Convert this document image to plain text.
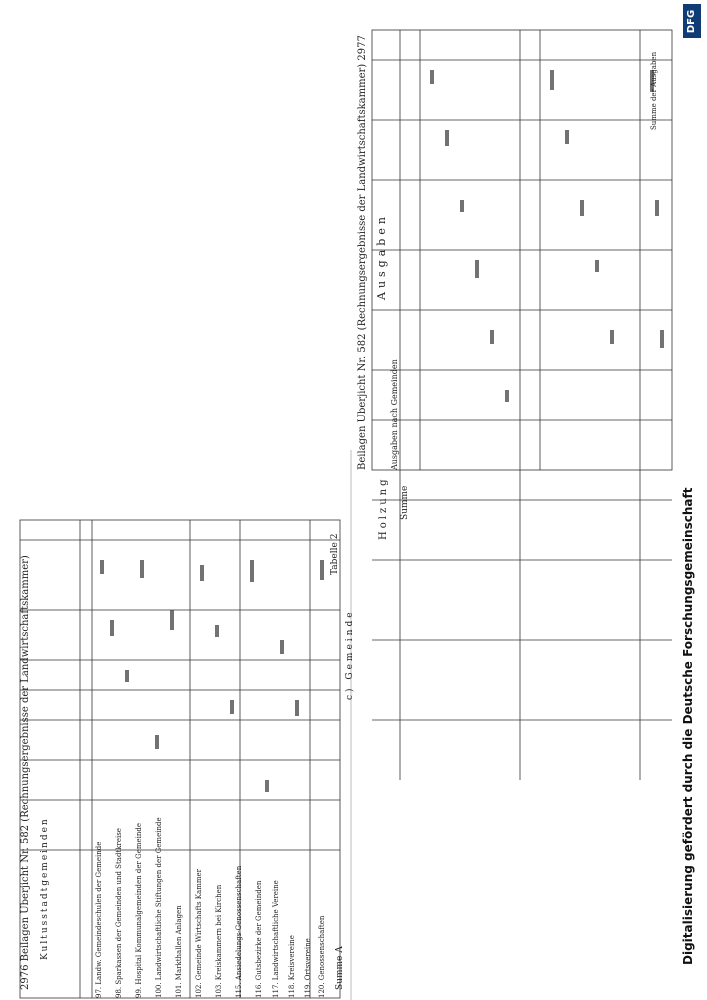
2976 Beilagen Uberjicht Nr. 582 (Rechnungsergebnisse der Landwirtschaftskammer)
Tabelle 2
Kultusstadtgemeinden
c) Gemeinde
Summe A
97. Landw. Gemeindeschulen der Gemeinde 98. Sparkassen der Gemeinden und Stadtkreise 99. Hospital Kommunalgemeinden der Gemeinde 100. Landwirtschaftliche Stiftungen der Gemeinde 101. Markthallen Anlagen 102. Gemeinde Wirtschafts Kammer 103. Kreiskammern bei Kirchen 115. Ansiedelungs-Genossenschaften 116. Gutsbezirke der Gemeinden 117. Landwirtschaftliche Vereine 118. Kreisvereine 119. Ortsvereine 120. Genossenschaften
Beilagen Uberjicht Nr. 582 (Rechnungsergebnisse der Landwirtschaftskammer) 2977 Ausgaben
Ausgaben nach Gemeinden
Holzung
Summe der Ausgaben
Summe	Digitalisierung gefördert durch die Deutsche Forschungsgemeinschaft
DFG
